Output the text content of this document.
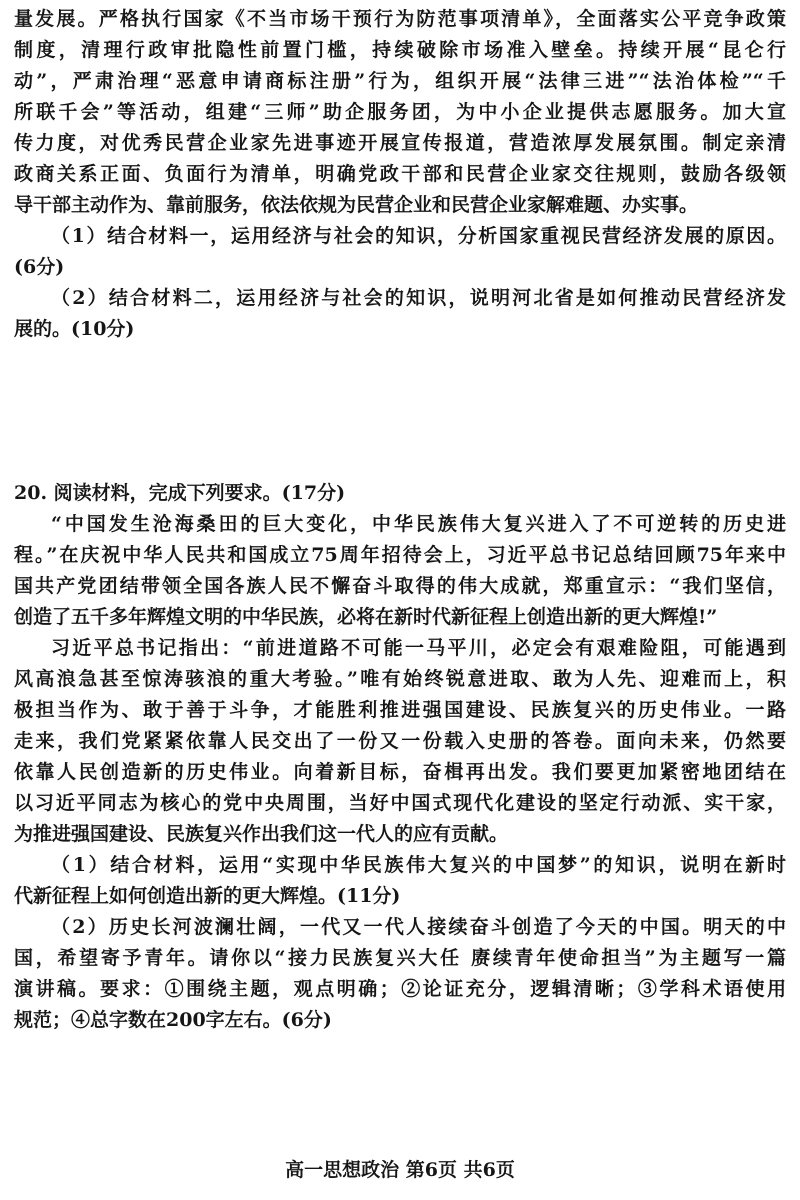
量发展。严格执行国家《不当市场干预行为防范事项清单》，全面落实公平竞争政策
制度，清理行政审批隐性前置门槛，持续破除市场准入壁垒。持续开展“昆仑行
动”，严肃治理“恶意申请商标注册”行为，组织开展“法律三进”“法治体检”“千
所联千会”等活动，组建“三师”助企服务团，为中小企业提供志愿服务。加大宣
传力度，对优秀民营企业家先进事迹开展宣传报道，营造浓厚发展氛围。制定亲清
政商关系正面、负面行为清单，明确党政干部和民营企业家交往规则，鼓励各级领
导干部主动作为、靠前服务，依法依规为民营企业和民营企业家解难题、办实事。
（1）结合材料一，运用经济与社会的知识，分析国家重视民营经济发展的原因。
(6分)
（2）结合材料二，运用经济与社会的知识，说明河北省是如何推动民营经济发
展的。(10分)
20. 阅读材料，完成下列要求。(17分)
“中国发生沧海桑田的巨大变化，中华民族伟大复兴进入了不可逆转的历史进
程。”在庆祝中华人民共和国成立75周年招待会上，习近平总书记总结回顾75年来中
国共产党团结带领全国各族人民不懈奋斗取得的伟大成就，郑重宣示：“我们坚信，
创造了五千多年辉煌文明的中华民族，必将在新时代新征程上创造出新的更大辉煌!”
习近平总书记指出：“前进道路不可能一马平川，必定会有艰难险阻，可能遇到
风高浪急甚至惊涛骇浪的重大考验。”唯有始终锐意进取、敢为人先、迎难而上，积
极担当作为、敢于善于斗争，才能胜利推进强国建设、民族复兴的历史伟业。一路
走来，我们党紧紧依靠人民交出了一份又一份载入史册的答卷。面向未来，仍然要
依靠人民创造新的历史伟业。向着新目标，奋楫再出发。我们要更加紧密地团结在
以习近平同志为核心的党中央周围，当好中国式现代化建设的坚定行动派、实干家，
为推进强国建设、民族复兴作出我们这一代人的应有贡献。
（1）结合材料，运用“实现中华民族伟大复兴的中国梦”的知识，说明在新时
代新征程上如何创造出新的更大辉煌。(11分)
（2）历史长河波澜壮阔，一代又一代人接续奋斗创造了今天的中国。明天的中
国，希望寄予青年。请你以“接力民族复兴大任 赓续青年使命担当”为主题写一篇
演讲稿。要求：①围绕主题，观点明确；②论证充分，逻辑清晰；③学科术语使用
规范；④总字数在200字左右。(6分)
高一思想政治 第6页 共6页
